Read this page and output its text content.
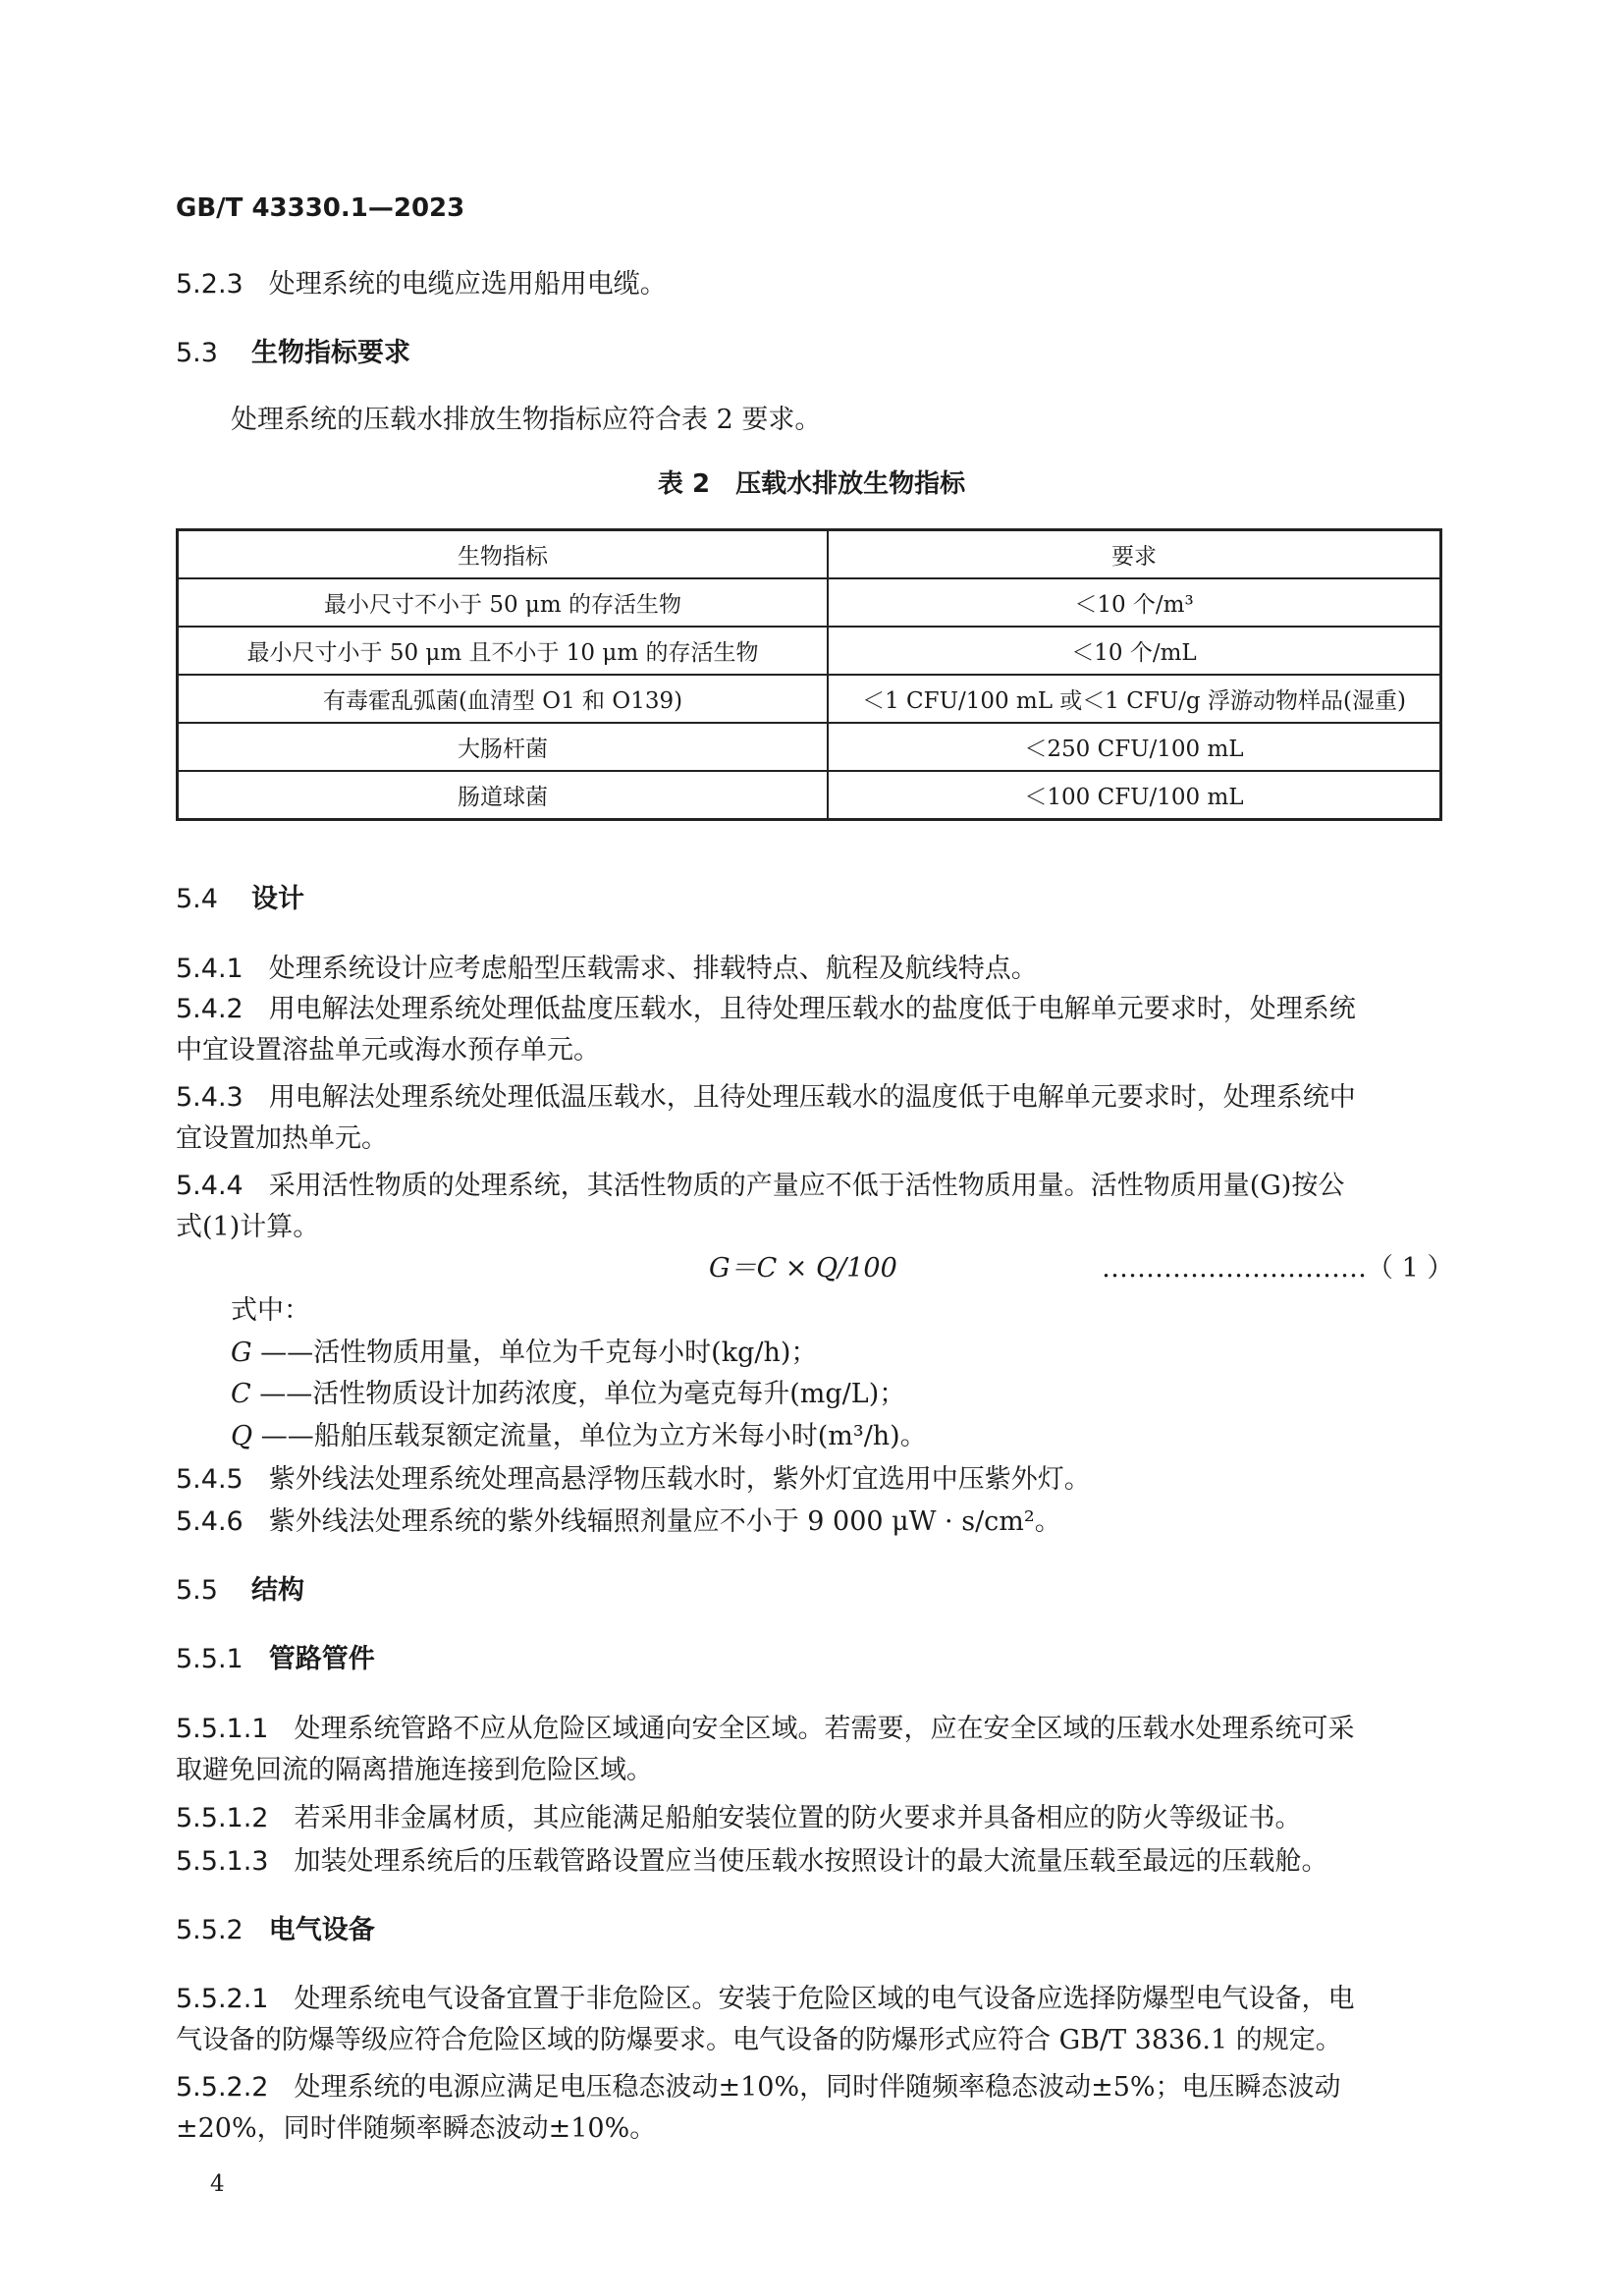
GB/T 43330.1—2023
5.2.3 处理系统的电缆应选用船用电缆。
5.3 生物指标要求
处理系统的压载水排放生物指标应符合表 2 要求。
表 2　压载水排放生物指标
生物指标	要求
最小尺寸不小于 50 μm 的存活生物	＜10 个/m³
最小尺寸小于 50 μm 且不小于 10 μm 的存活生物	＜10 个/mL
有毒霍乱弧菌(血清型 O1 和 O139)	＜1 CFU/100 mL 或＜1 CFU/g 浮游动物样品(湿重)
大肠杆菌	＜250 CFU/100 mL
肠道球菌	＜100 CFU/100 mL
5.4 设计
5.4.1 处理系统设计应考虑船型压载需求、排载特点、航程及航线特点。
5.4.2 用电解法处理系统处理低盐度压载水，且待处理压载水的盐度低于电解单元要求时，处理系统
中宜设置溶盐单元或海水预存单元。
5.4.3 用电解法处理系统处理低温压载水，且待处理压载水的温度低于电解单元要求时，处理系统中
宜设置加热单元。
5.4.4 采用活性物质的处理系统，其活性物质的产量应不低于活性物质用量。活性物质用量(G)按公
式(1)计算。
G＝C × Q/100	…………………………（ 1 ）
式中：
G ——活性物质用量，单位为千克每小时(kg/h)；
C ——活性物质设计加药浓度，单位为毫克每升(mg/L)；
Q ——船舶压载泵额定流量，单位为立方米每小时(m³/h)。
5.4.5 紫外线法处理系统处理高悬浮物压载水时，紫外灯宜选用中压紫外灯。
5.4.6 紫外线法处理系统的紫外线辐照剂量应不小于 9 000 μW · s/cm²。
5.5 结构
5.5.1 管路管件
5.5.1.1 处理系统管路不应从危险区域通向安全区域。若需要，应在安全区域的压载水处理系统可采
取避免回流的隔离措施连接到危险区域。
5.5.1.2 若采用非金属材质，其应能满足船舶安装位置的防火要求并具备相应的防火等级证书。
5.5.1.3 加装处理系统后的压载管路设置应当使压载水按照设计的最大流量压载至最远的压载舱。
5.5.2 电气设备
5.5.2.1 处理系统电气设备宜置于非危险区。安装于危险区域的电气设备应选择防爆型电气设备，电
气设备的防爆等级应符合危险区域的防爆要求。电气设备的防爆形式应符合 GB/T 3836.1 的规定。
5.5.2.2 处理系统的电源应满足电压稳态波动±10%，同时伴随频率稳态波动±5%；电压瞬态波动
±20%，同时伴随频率瞬态波动±10%。
4
